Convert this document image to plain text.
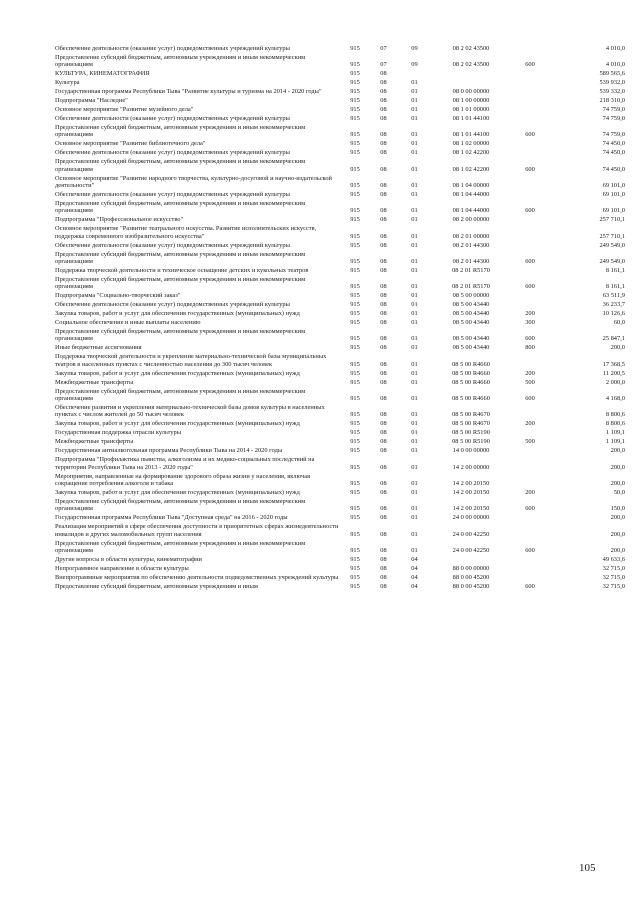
Обеспечение деятельности (оказание услуг) подведомственных учреждений культуры	915	07	09	08 2 02 43500		4 010,0
Предоставление субсидий бюджетным, автономным учреждениям и иным некоммерческим организациям	915	07	09	08 2 02 43500	600	4 010,0
КУЛЬТУРА, КИНЕМАТОГРАФИЯ	915	08				589 565,6
Культура	915	08	01			539 932,0
Государственная программа Республики Тыва "Развитие культуры и туризма на 2014 - 2020 годы"	915	08	01	08 0 00 00000		539 332,0
Подпрограмма "Наследие"	915	08	01	08 1 00 00000		218 310,0
Основное мероприятие "Развитие музейного дела"	915	08	01	08 1 01 00000		74 759,0
Обеспечение деятельности (оказание услуг) подведомственных учреждений культуры	915	08	01	08 1 01 44100		74 759,0
Предоставление субсидий бюджетным, автономным учреждениям и иным некоммерческим организациям	915	08	01	08 1 01 44100	600	74 759,0
Основное мероприятие "Развитие библиотечного дела"	915	08	01	08 1 02 00000		74 450,0
Обеспечение деятельности (оказание услуг) подведомственных учреждений культуры	915	08	01	08 1 02 42200		74 450,0
Предоставление субсидий бюджетным, автономным учреждениям и иным некоммерческим организациям	915	08	01	08 1 02 42200	600	74 450,0
Основное мероприятие "Развитие народного творчества, культурно-досуговой и научно-издательской деятельности"	915	08	01	08 1 04 00000		69 101,0
Обеспечение деятельности (оказание услуг) подведомственных учреждений культуры	915	08	01	08 1 04 44000		69 101,0
Предоставление субсидий бюджетным, автономным учреждениям и иным некоммерческим организациям	915	08	01	08 1 04 44000	600	69 101,0
Подпрограмма "Профессиональное искусство"	915	08	01	08 2 00 00000		257 710,1
Основное мероприятие "Развитие театрального искусства. Развитие исполнительских искусств, поддержка современного изобразительного искусства"	915	08	01	08 2 01 00000		257 710,1
Обеспечение деятельности (оказание услуг) подведомственных учреждений культуры	915	08	01	08 2 01 44300		249 549,0
Предоставление субсидий бюджетным, автономным учреждениям и иным некоммерческим организациям	915	08	01	08 2 01 44300	600	249 549,0
Поддержка творческой деятельности и техническое оснащение детских и кукольных театров	915	08	01	08 2 01 R5170		8 161,1
Предоставление субсидий бюджетным, автономным учреждениям и иным некоммерческим организациям	915	08	01	08 2 01 R5170	600	8 161,1
Подпрограмма "Социально-творческий заказ"	915	08	01	08 5 00 00000		63 511,9
Обеспечение деятельности (оказание услуг) подведомственных учреждений культуры	915	08	01	08 5 00 43440		36 233,7
Закупка товаров, работ и услуг для обеспечения государственных (муниципальных) нужд	915	08	01	08 5 00 43440	200	10 126,6
Социальное обеспечение и иные выплаты населению	915	08	01	08 5 00 43440	300	60,0
Предоставление субсидий бюджетным, автономным учреждениям и иным некоммерческим организациям	915	08	01	08 5 00 43440	600	25 847,1
Иные бюджетные ассигнования	915	08	01	08 5 00 43440	800	200,0
Поддержка творческой деятельности и укрепление материально-технической базы муниципальных театров в населенных пунктах с численностью населения до 300 тысяч человек	915	08	01	08 5 00 R4660		17 368,5
Закупка товаров, работ и услуг для обеспечения государственных (муниципальных) нужд	915	08	01	08 5 00 R4660	200	11 200,5
Межбюджетные трансферты	915	08	01	08 5 00 R4660	500	2 000,0
Предоставление субсидий бюджетным, автономным учреждениям и иным некоммерческим организациям	915	08	01	08 5 00 R4660	600	4 168,0
Обеспечение развития и укрепления материально-технической базы домов культуры в населенных пунктах с числом жителей до 50 тысяч человек	915	08	01	08 5 00 R4670		8 800,6
Закупка товаров, работ и услуг для обеспечения государственных (муниципальных) нужд	915	08	01	08 5 00 R4670	200	8 800,6
Государственная поддержка отрасли культуры	915	08	01	08 5 00 R5190		1 109,1
Межбюджетные трансферты	915	08	01	08 5 00 R5190	500	1 109,1
Государственная антиалкогольная программа Республики Тыва на 2014 - 2020 годы	915	08	01	14 0 00 00000		200,0
Подпрограмма "Профилактика пьянства, алкоголизма и их медико-социальных последствий на территории Республики Тыва на 2013 - 2020 годы"	915	08	01	14 2 00 00000		200,0
Мероприятия, направленные на формирование здорового образа жизни у населения, включая сокращение потребления алкоголя и табака	915	08	01	14 2 00 20150		200,0
Закупка товаров, работ и услуг для обеспечения государственных (муниципальных) нужд	915	08	01	14 2 00 20150	200	50,0
Предоставление субсидий бюджетным, автономным учреждениям и иным некоммерческим организациям	915	08	01	14 2 00 20150	600	150,0
Государственная программа Республики Тыва "Доступная среда" на 2016 - 2020 годы	915	08	01	24 0 00 00000		200,0
Реализация мероприятий в сфере обеспечения доступности в приоритетных сферах жизнедеятельности инвалидов и других маломобильных групп населения	915	08	01	24 0 00 42250		200,0
Предоставление субсидий бюджетным, автономным учреждениям и иным некоммерческим организациям	915	08	01	24 0 00 42250	600	200,0
Другие вопросы в области культуры, кинематографии	915	08	04			49 633,6
Непрограммное направление в области культуры	915	08	04	88 0 00 00000		32 715,0
Внепрограммные мероприятия по обеспечению деятельности подведомственных учреждений культуры	915	08	04	88 0 00 45200		32 715,0
Предоставление субсидий бюджетным, автономным учреждениям и иным	915	08	04	88 0 00 45200	600	32 715,0
105
